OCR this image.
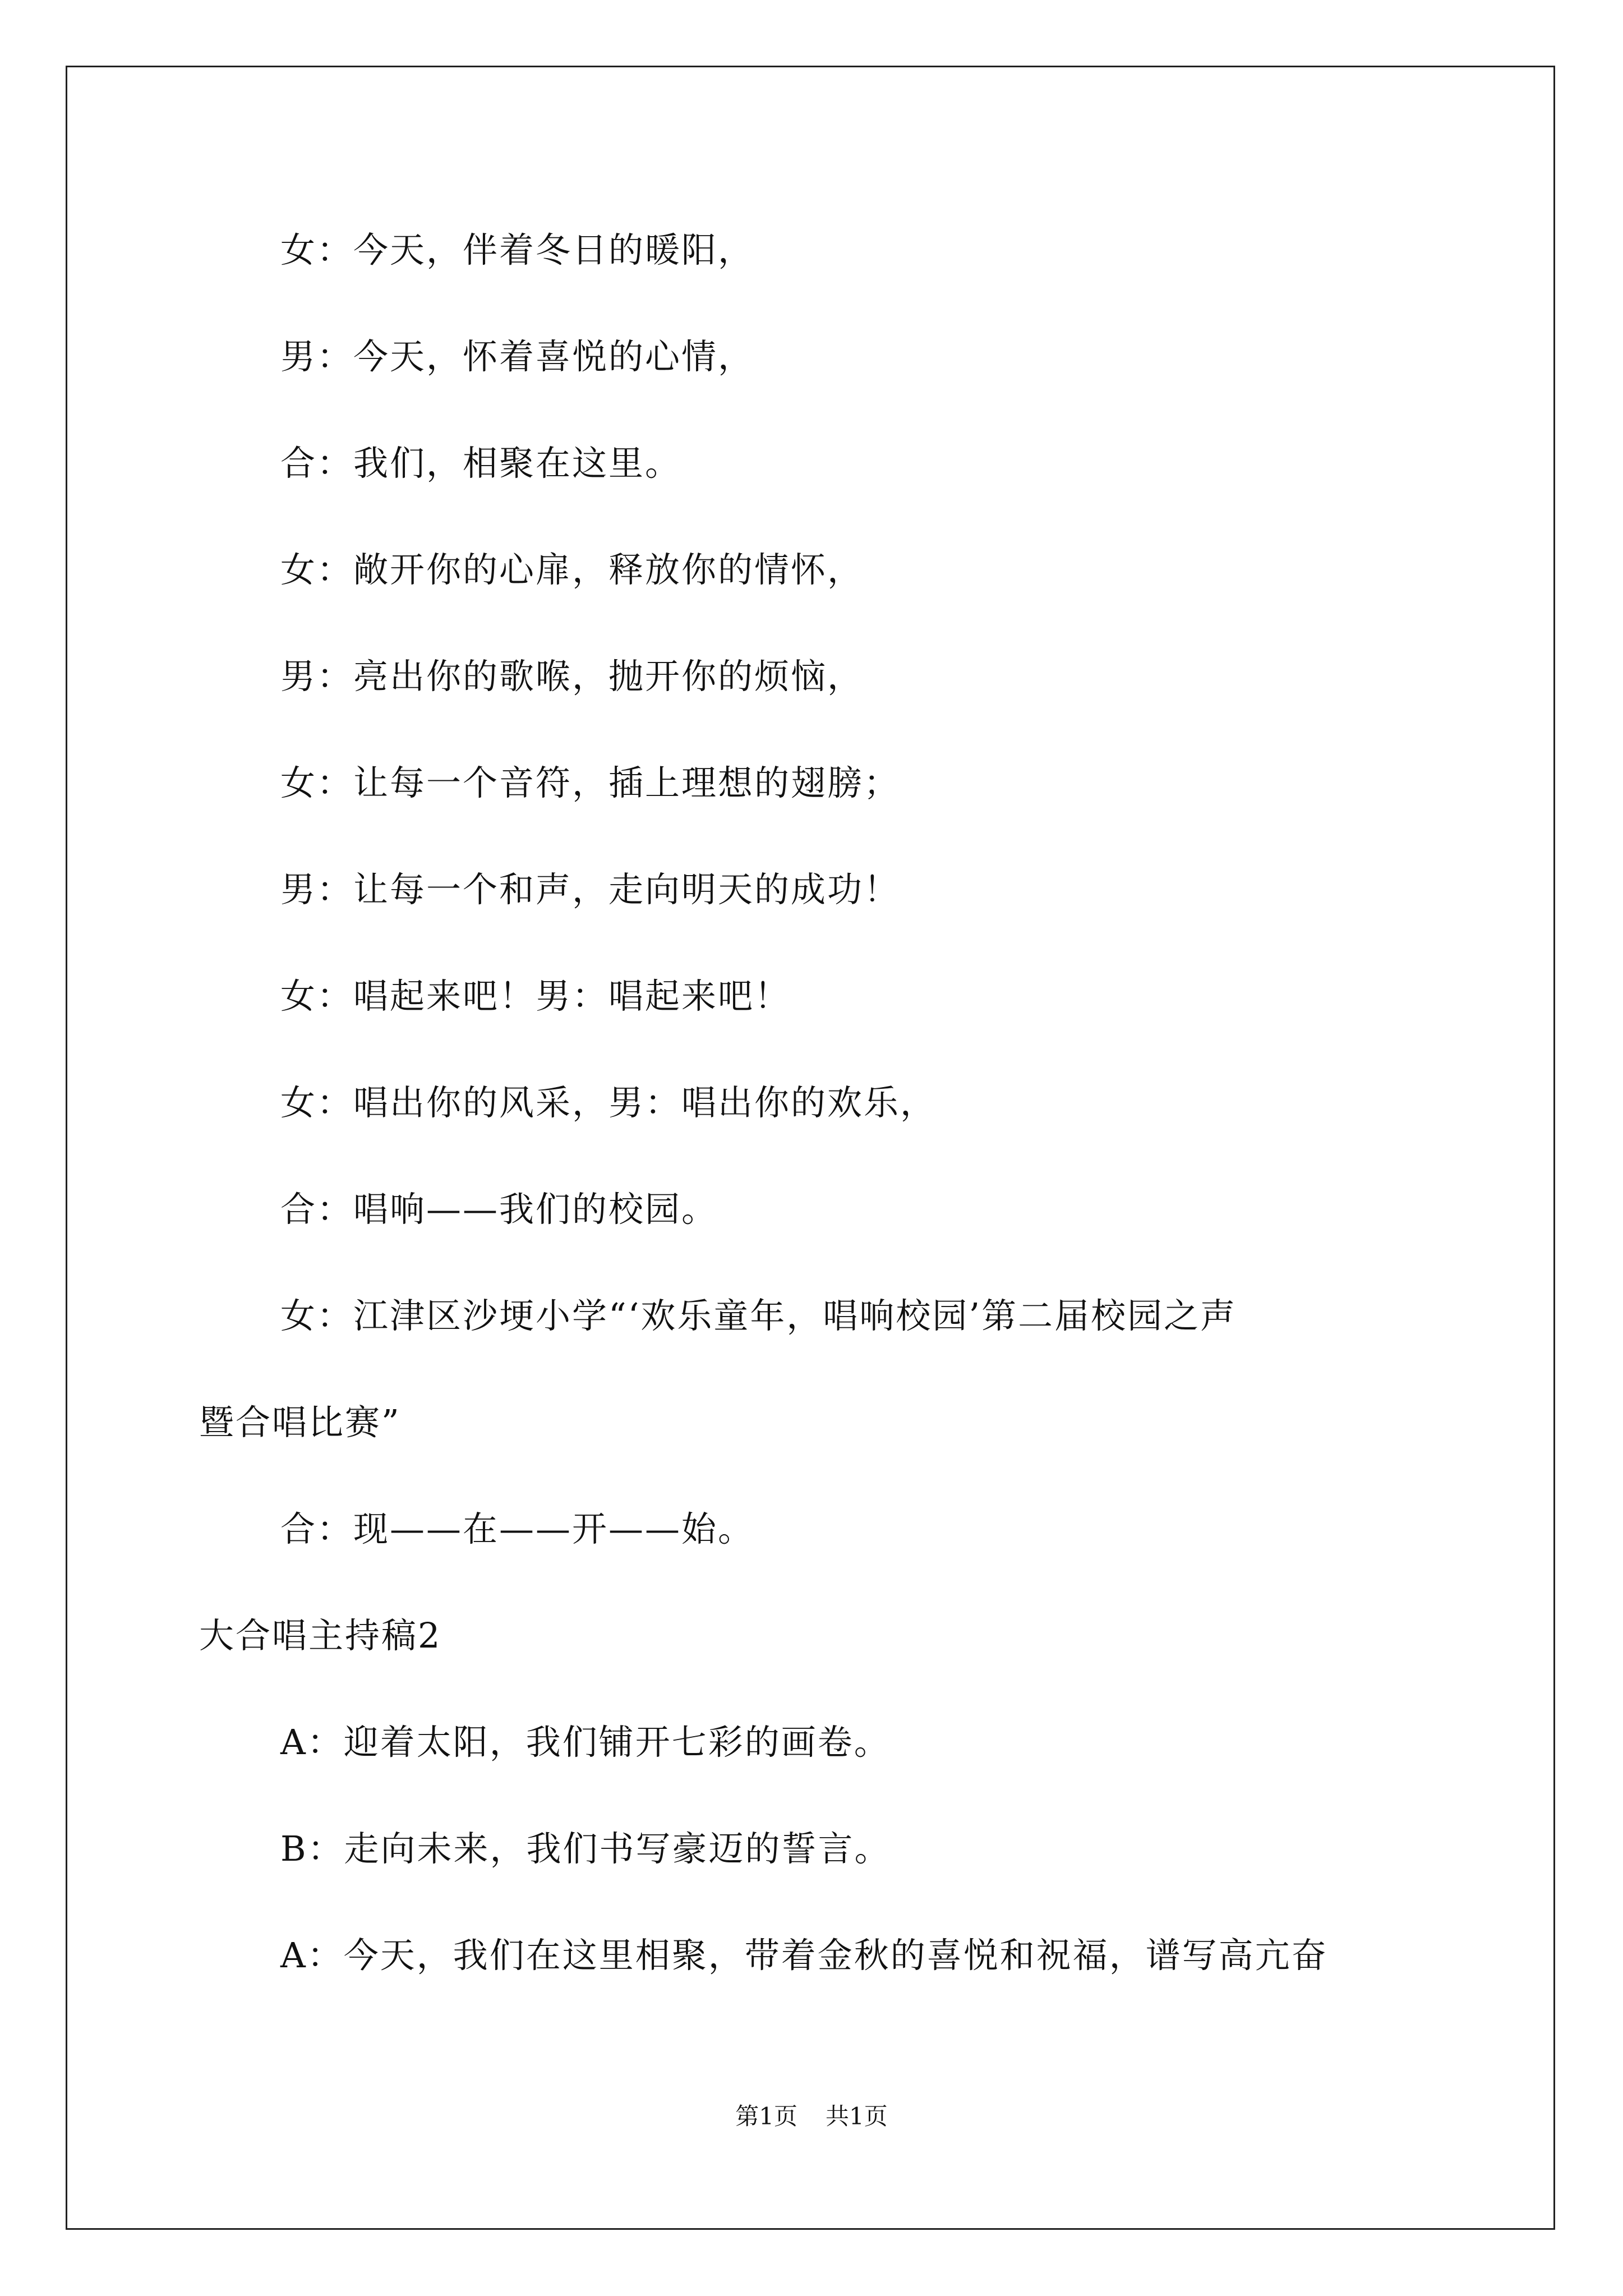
女：今天，伴着冬日的暖阳，
男：今天，怀着喜悦的心情，
合：我们，相聚在这里。
女：敞开你的心扉，释放你的情怀，
男：亮出你的歌喉，抛开你的烦恼，
女：让每一个音符，插上理想的翅膀；
男：让每一个和声，走向明天的成功！
女：唱起来吧！男：唱起来吧！
女：唱出你的风采，男：唱出你的欢乐，
合：唱响——我们的校园。
女：江津区沙埂小学“‘欢乐童年，唱响校园’第二届校园之声
暨合唱比赛”
合：现——在——开——始。
大合唱主持稿2
A：迎着太阳，我们铺开七彩的画卷。
B：走向未来，我们书写豪迈的誓言。
A：今天，我们在这里相聚，带着金秋的喜悦和祝福，谱写高亢奋
第1页 共1页
